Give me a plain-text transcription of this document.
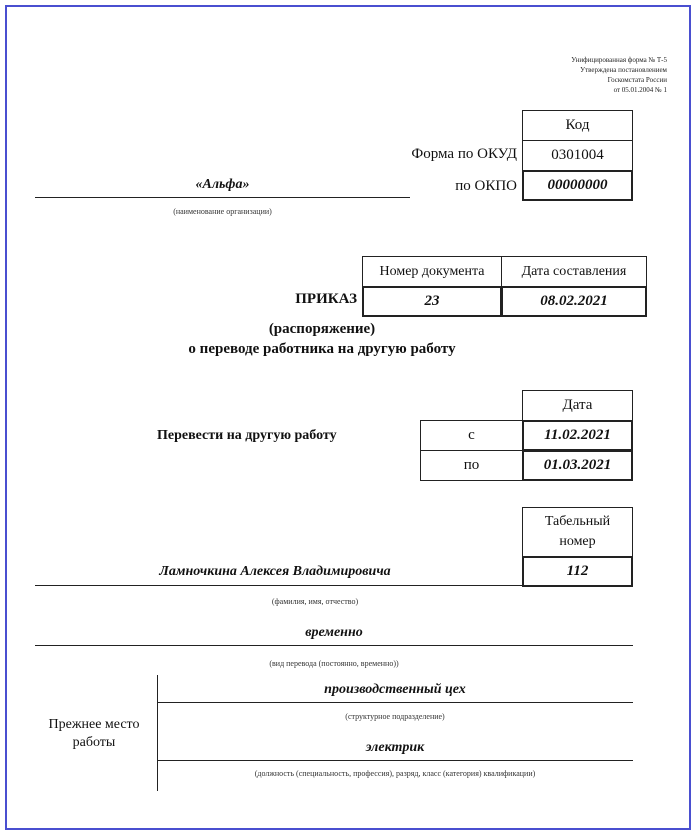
Унифицированная форма № Т-5
Утверждена постановлением
Госкомстата России
от 05.01.2004 № 1
Код
Форма по ОКУД 0301004
по ОКПО 00000000
«Альфа»
(наименование организации)
Номер документа	Дата составления
ПРИКАЗ	23	08.02.2021
(распоряжение)
о переводе работника на другую работу
Дата
Перевести на другую работу	с	11.02.2021
по	01.03.2021
Табельный
номер
Ламночкина Алексея Владимировича	112
(фамилия, имя, отчество)
временно
(вид перевода (постоянно, временно))
Прежнее место
работы
производственный цех
(структурное подразделение)
электрик
(должность (специальность, профессия), разряд, класс (категория) квалификации)
